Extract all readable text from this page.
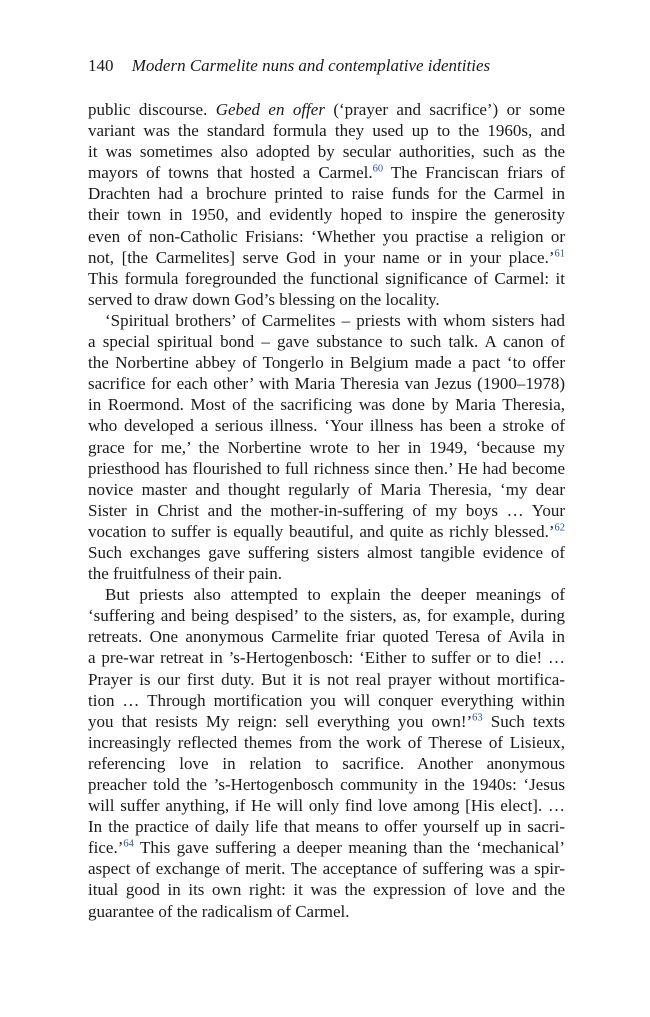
140 Modern Carmelite nuns and contemplative identities
public discourse. Gebed en offer (‘prayer and sacrifice’) or some
variant was the standard formula they used up to the 1960s, and
it was sometimes also adopted by secular authorities, such as the
mayors of towns that hosted a Carmel.$^{60}$ The Franciscan friars of
Drachten had a brochure printed to raise funds for the Carmel in
their town in 1950, and evidently hoped to inspire the generosity
even of non-Catholic Frisians: ‘Whether you practise a religion or
not, [the Carmelites] serve God in your name or in your place.’$^{61}$
This formula foregrounded the functional significance of Carmel: it
served to draw down God’s blessing on the locality.
‘Spiritual brothers’ of Carmelites – priests with whom sisters had
a special spiritual bond – gave substance to such talk. A canon of
the Norbertine abbey of Tongerlo in Belgium made a pact ‘to offer
sacrifice for each other’ with Maria Theresia van Jezus (1900–1978)
in Roermond. Most of the sacrificing was done by Maria Theresia,
who developed a serious illness. ‘Your illness has been a stroke of
grace for me,’ the Norbertine wrote to her in 1949, ‘because my
priesthood has flourished to full richness since then.’ He had become
novice master and thought regularly of Maria Theresia, ‘my dear
Sister in Christ and the mother-in-suffering of my boys … Your
vocation to suffer is equally beautiful, and quite as richly blessed.’$^{62}$
Such exchanges gave suffering sisters almost tangible evidence of
the fruitfulness of their pain.
But priests also attempted to explain the deeper meanings of
‘suffering and being despised’ to the sisters, as, for example, during
retreats. One anonymous Carmelite friar quoted Teresa of Avila in
a pre-war retreat in ’s-Hertogenbosch: ‘Either to suffer or to die! …
Prayer is our first duty. But it is not real prayer without mortifica-
tion … Through mortification you will conquer everything within
you that resists My reign: sell everything you own!’$^{63}$ Such texts
increasingly reflected themes from the work of Therese of Lisieux,
referencing love in relation to sacrifice. Another anonymous
preacher told the ’s-Hertogenbosch community in the 1940s: ‘Jesus
will suffer anything, if He will only find love among [His elect]. …
In the practice of daily life that means to offer yourself up in sacri-
fice.’$^{64}$ This gave suffering a deeper meaning than the ‘mechanical’
aspect of exchange of merit. The acceptance of suffering was a spir-
itual good in its own right: it was the expression of love and the
guarantee of the radicalism of Carmel.
